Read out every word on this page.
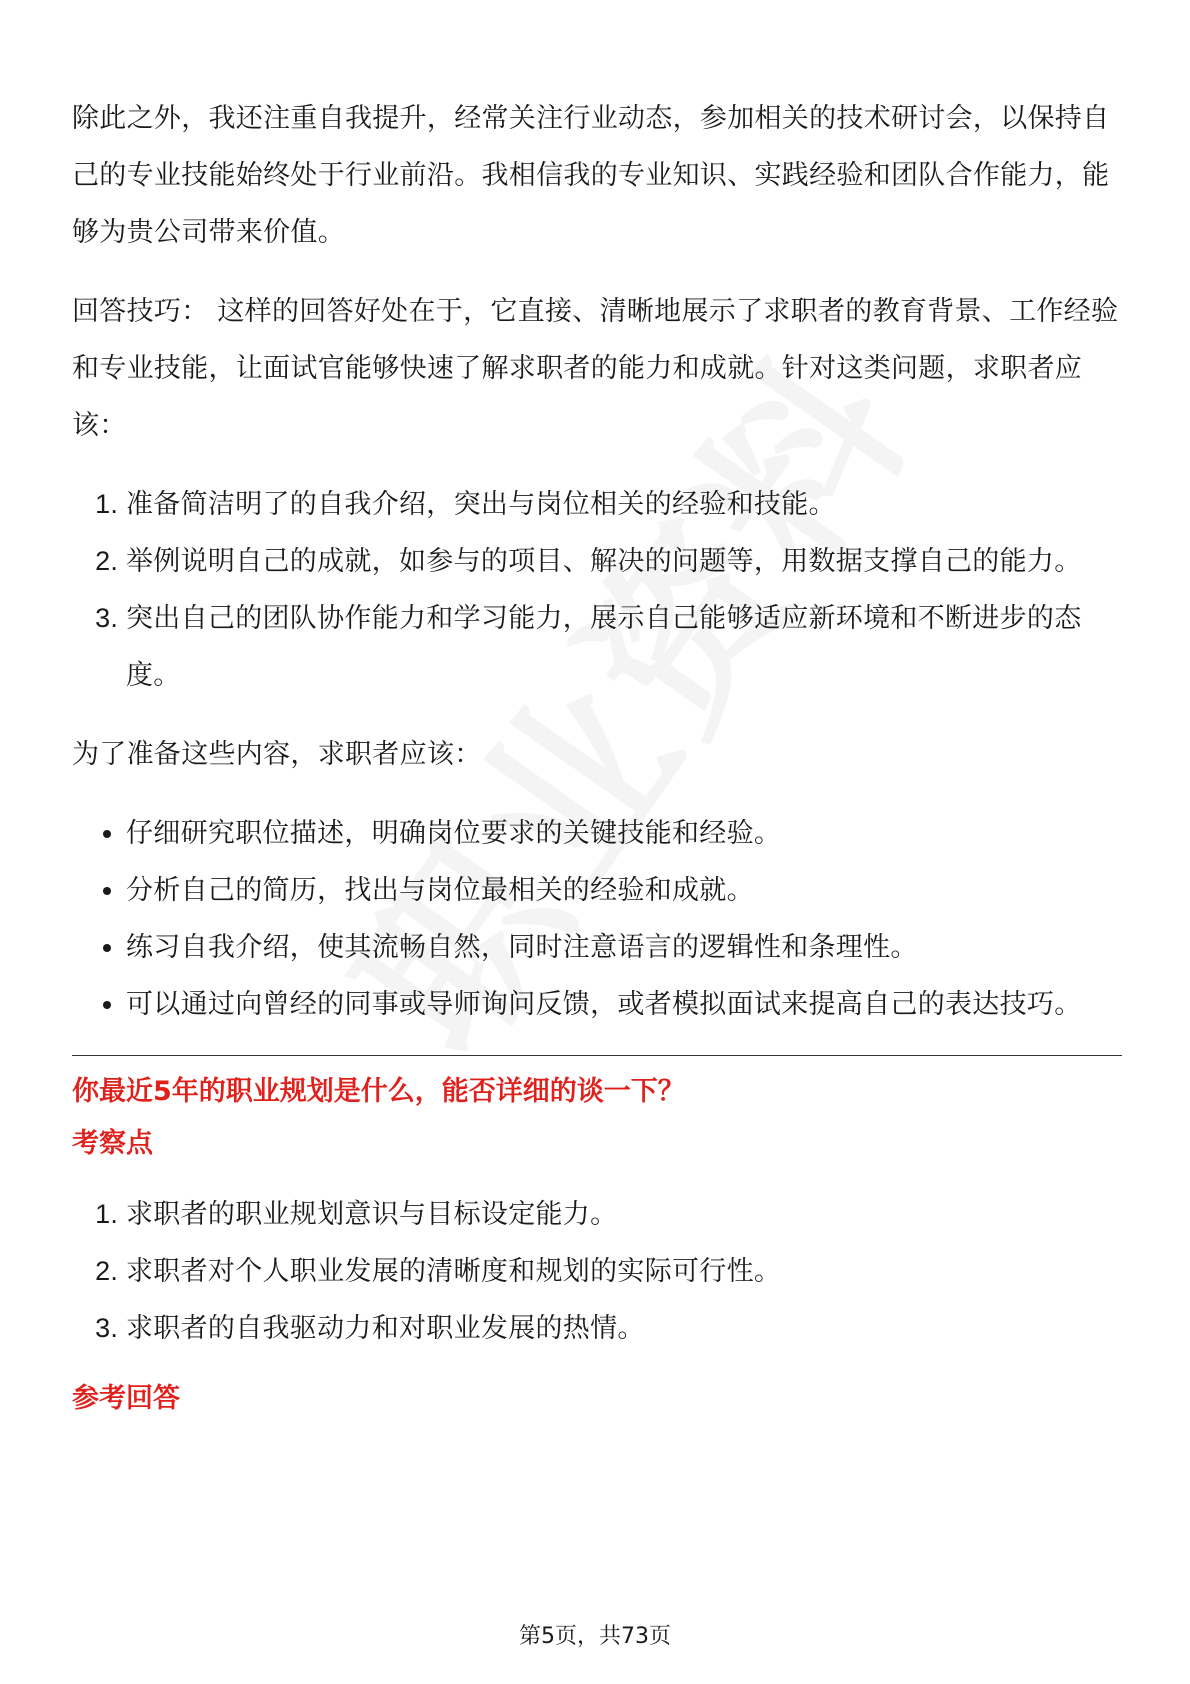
除此之外，我还注重自我提升，经常关注行业动态，参加相关的技术研讨会，以保持自己的专业技能始终处于行业前沿。我相信我的专业知识、实践经验和团队合作能力，能够为贵公司带来价值。

回答技巧： 这样的回答好处在于，它直接、清晰地展示了求职者的教育背景、工作经验和专业技能，让面试官能够快速了解求职者的能力和成就。针对这类问题，求职者应该：

1. 准备简洁明了的自我介绍，突出与岗位相关的经验和技能。
2. 举例说明自己的成就，如参与的项目、解决的问题等，用数据支撑自己的能力。
3. 突出自己的团队协作能力和学习能力，展示自己能够适应新环境和不断进步的态度。

为了准备这些内容，求职者应该：

• 仔细研究职位描述，明确岗位要求的关键技能和经验。
• 分析自己的简历，找出与岗位最相关的经验和成就。
• 练习自我介绍，使其流畅自然，同时注意语言的逻辑性和条理性。
• 可以通过向曾经的同事或导师询问反馈，或者模拟面试来提高自己的表达技巧。
你最近5年的职业规划是什么，能否详细的谈一下？
考察点
1. 求职者的职业规划意识与目标设定能力。
2. 求职者对个人职业发展的清晰度和规划的实际可行性。
3. 求职者的自我驱动力和对职业发展的热情。
参考回答
第5页，共73页
